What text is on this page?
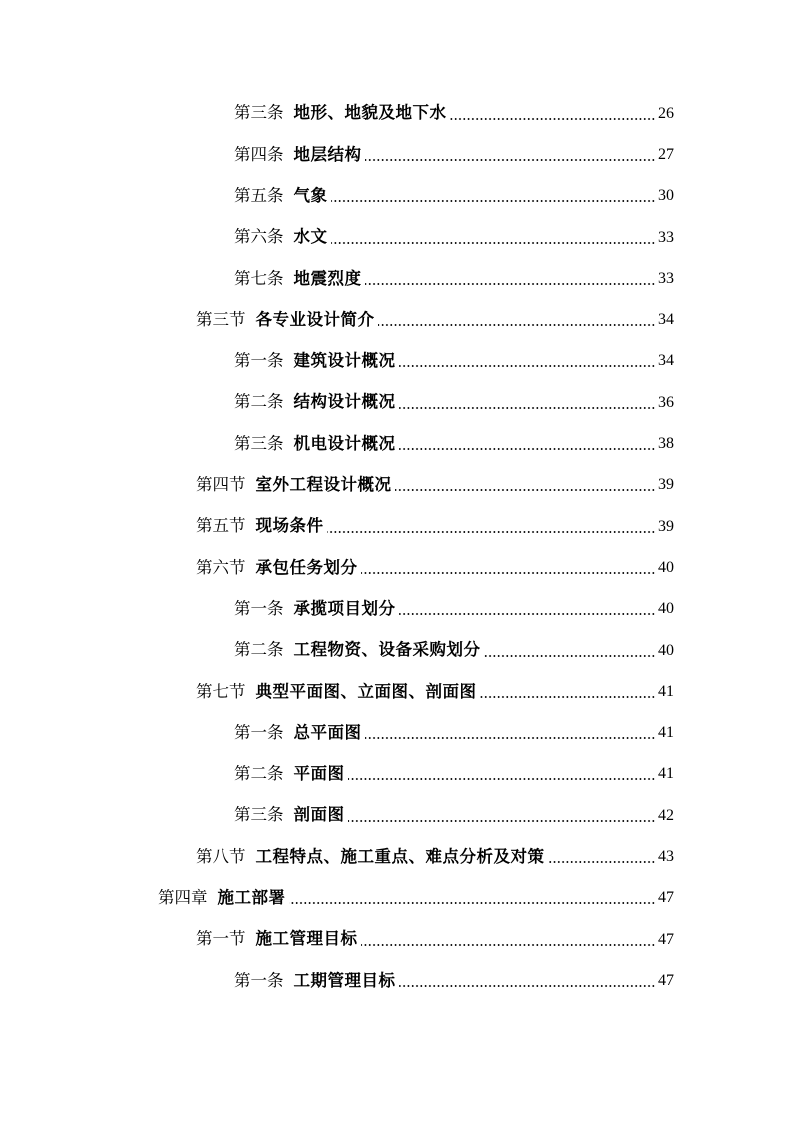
第三条 地形、地貌及地下水	26
第四条 地层结构	27
第五条 气象	30
第六条 水文	33
第七条 地震烈度	33
第三节 各专业设计简介	34
第一条 建筑设计概况	34
第二条 结构设计概况	36
第三条 机电设计概况	38
第四节 室外工程设计概况	39
第五节 现场条件	39
第六节 承包任务划分	40
第一条 承揽项目划分	40
第二条 工程物资、设备采购划分	40
第七节 典型平面图、立面图、剖面图	41
第一条 总平面图	41
第二条 平面图	41
第三条 剖面图	42
第八节 工程特点、施工重点、难点分析及对策	43
第四章 施工部署	47
第一节 施工管理目标	47
第一条 工期管理目标	47
